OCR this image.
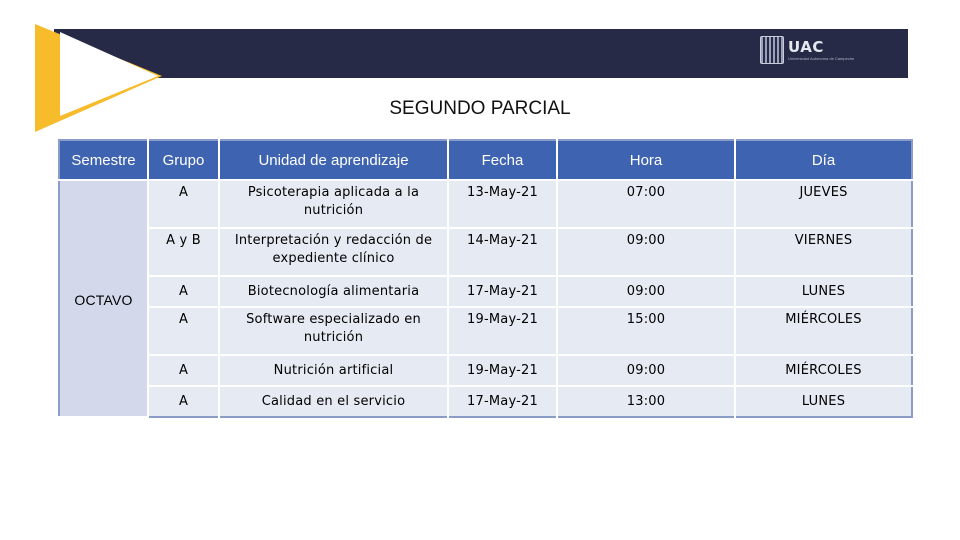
UAC
Universidad Autónoma de Campeche
SEGUNDO PARCIAL
Semestre	Grupo	Unidad de aprendizaje	Fecha	Hora	Día
OCTAVO	A	Psicoterapia aplicada a la nutrición	13-May-21	07:00	JUEVES
	A y B	Interpretación y redacción de expediente clínico	14-May-21	09:00	VIERNES
	A	Biotecnología alimentaria	17-May-21	09:00	LUNES
	A	Software especializado en nutrición	19-May-21	15:00	MIÉRCOLES
	A	Nutrición artificial	19-May-21	09:00	MIÉRCOLES
	A	Calidad en el servicio	17-May-21	13:00	LUNES
